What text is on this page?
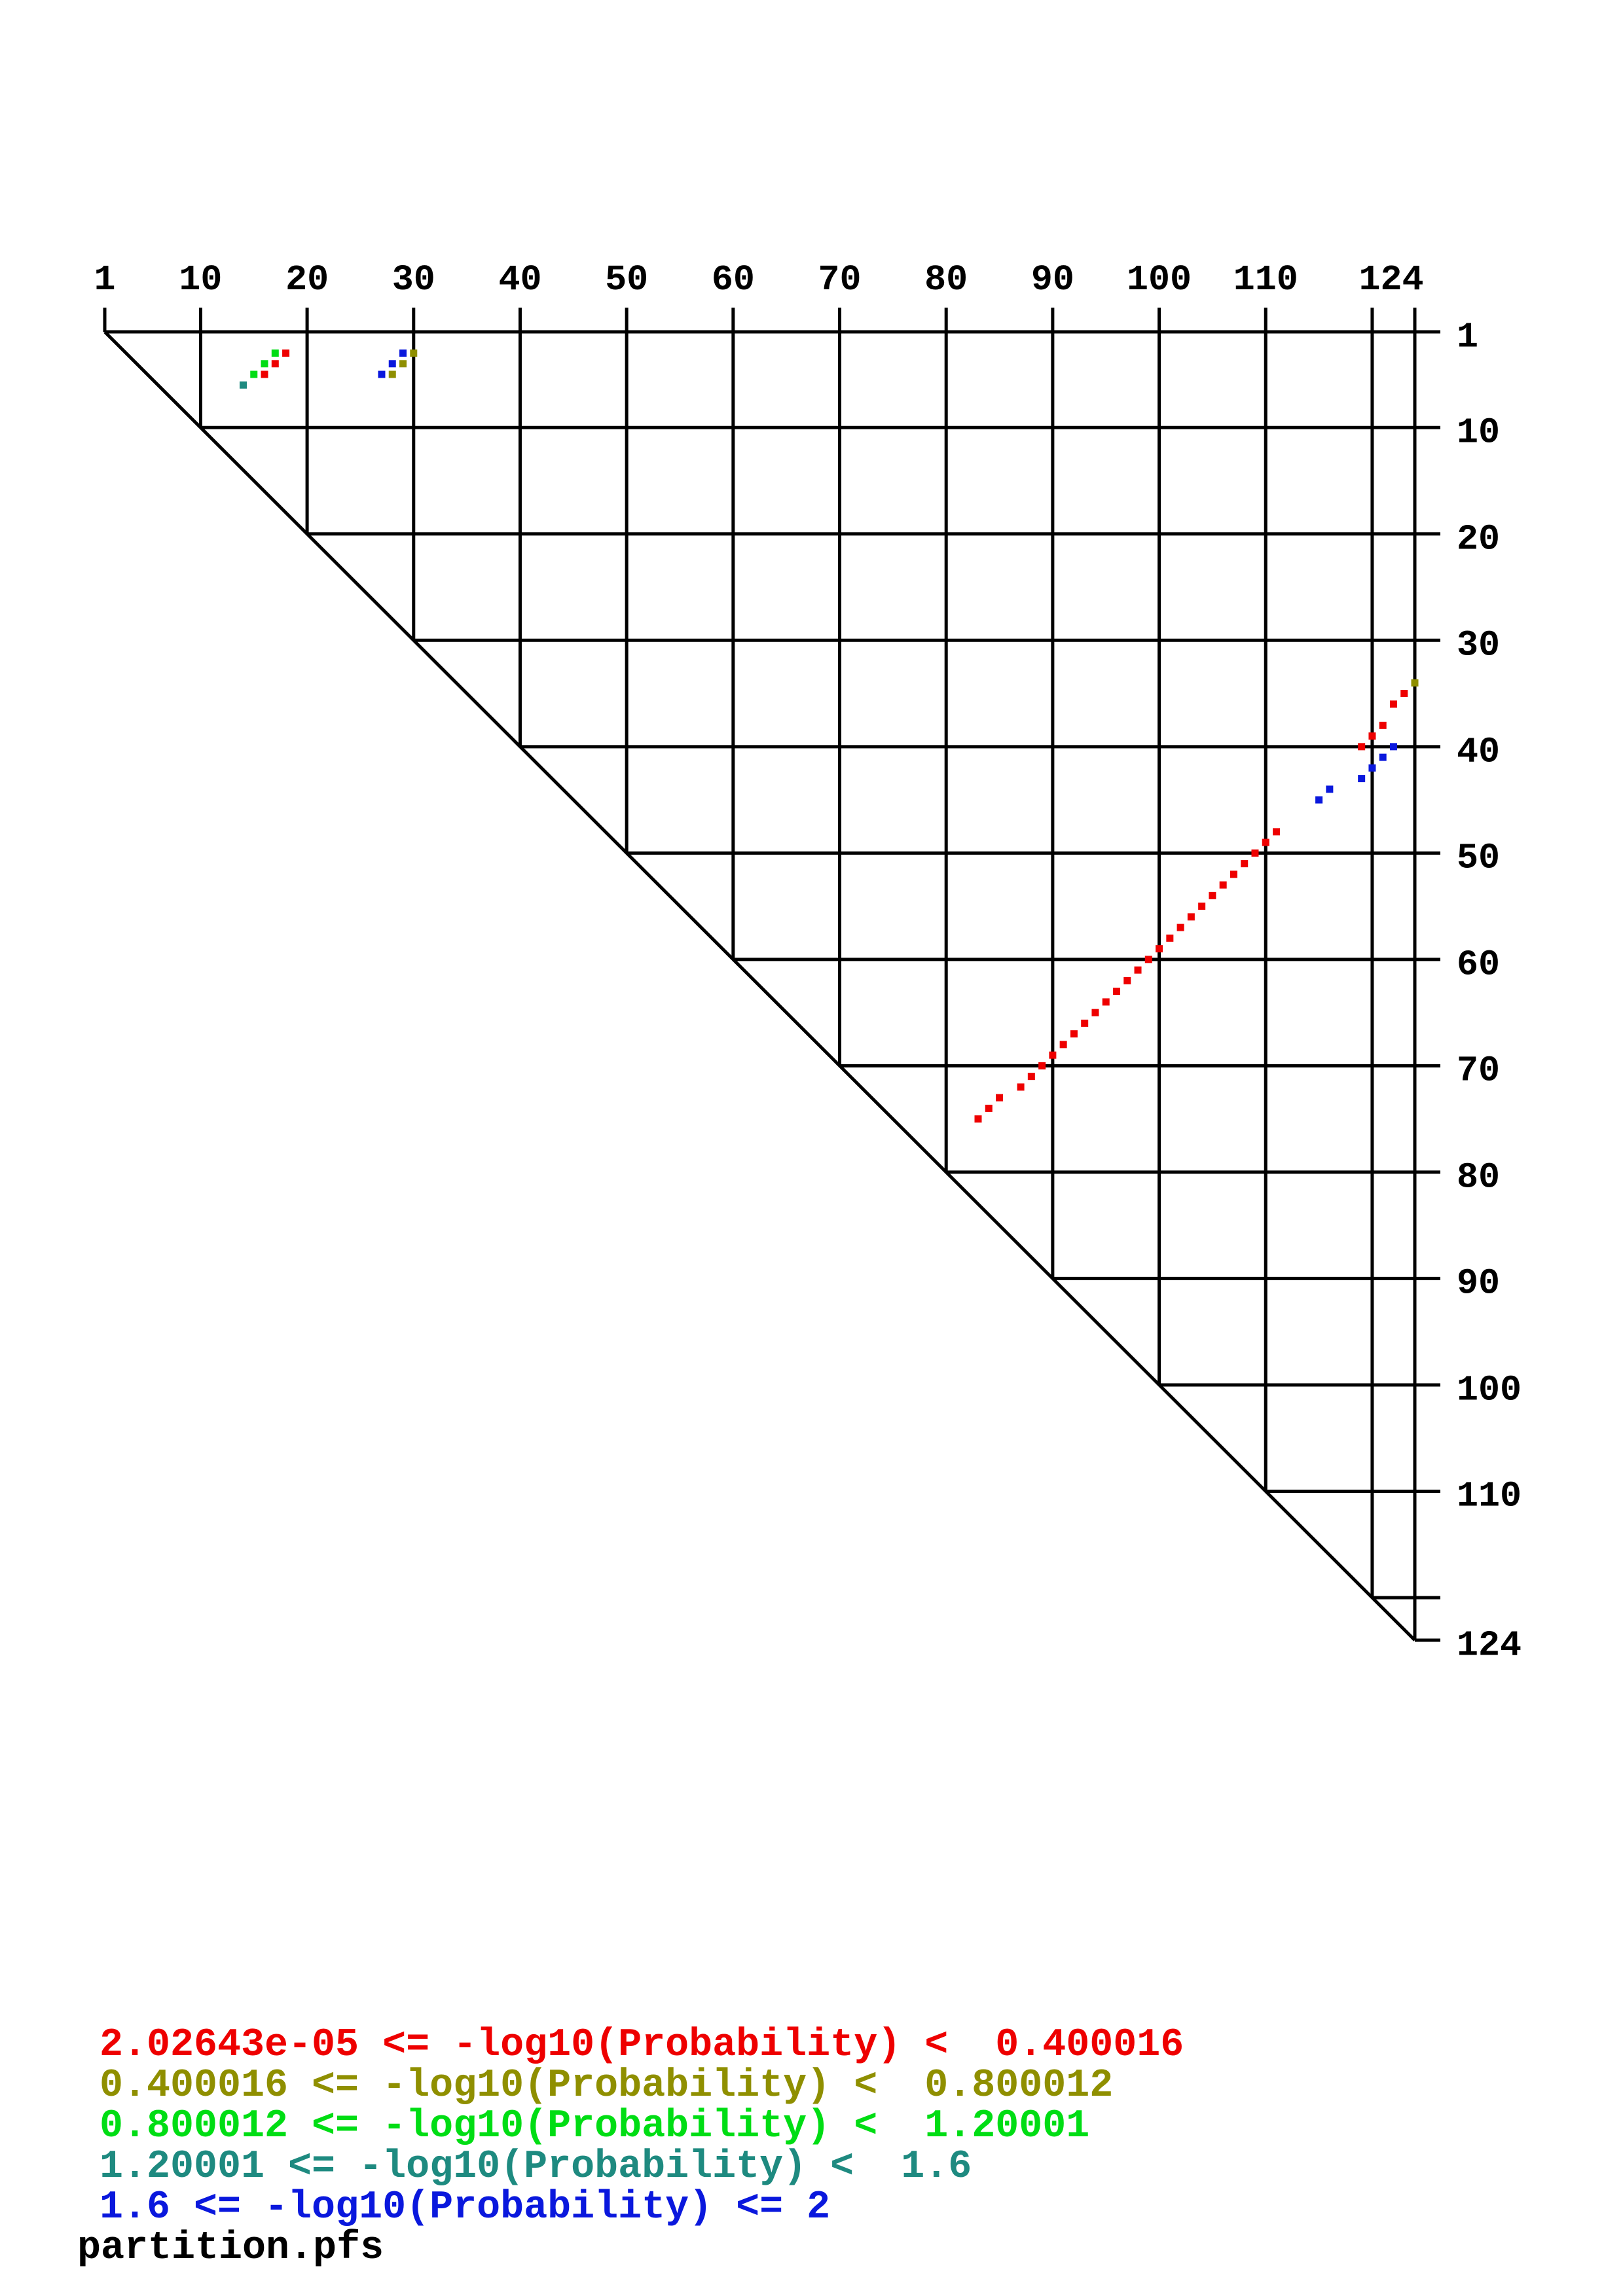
1 10 20 30 40 50 60 70 80 90 100 110 124
1
10
20
30
40
50
60
70
80
90
100
110
124
2.02643e-05 <= -log10(Probability) <  0.400016
0.400016 <= -log10(Probability) <  0.800012
0.800012 <= -log10(Probability) <  1.20001
1.20001 <= -log10(Probability) <  1.6
1.6 <= -log10(Probability) <= 2
partition.pfs
